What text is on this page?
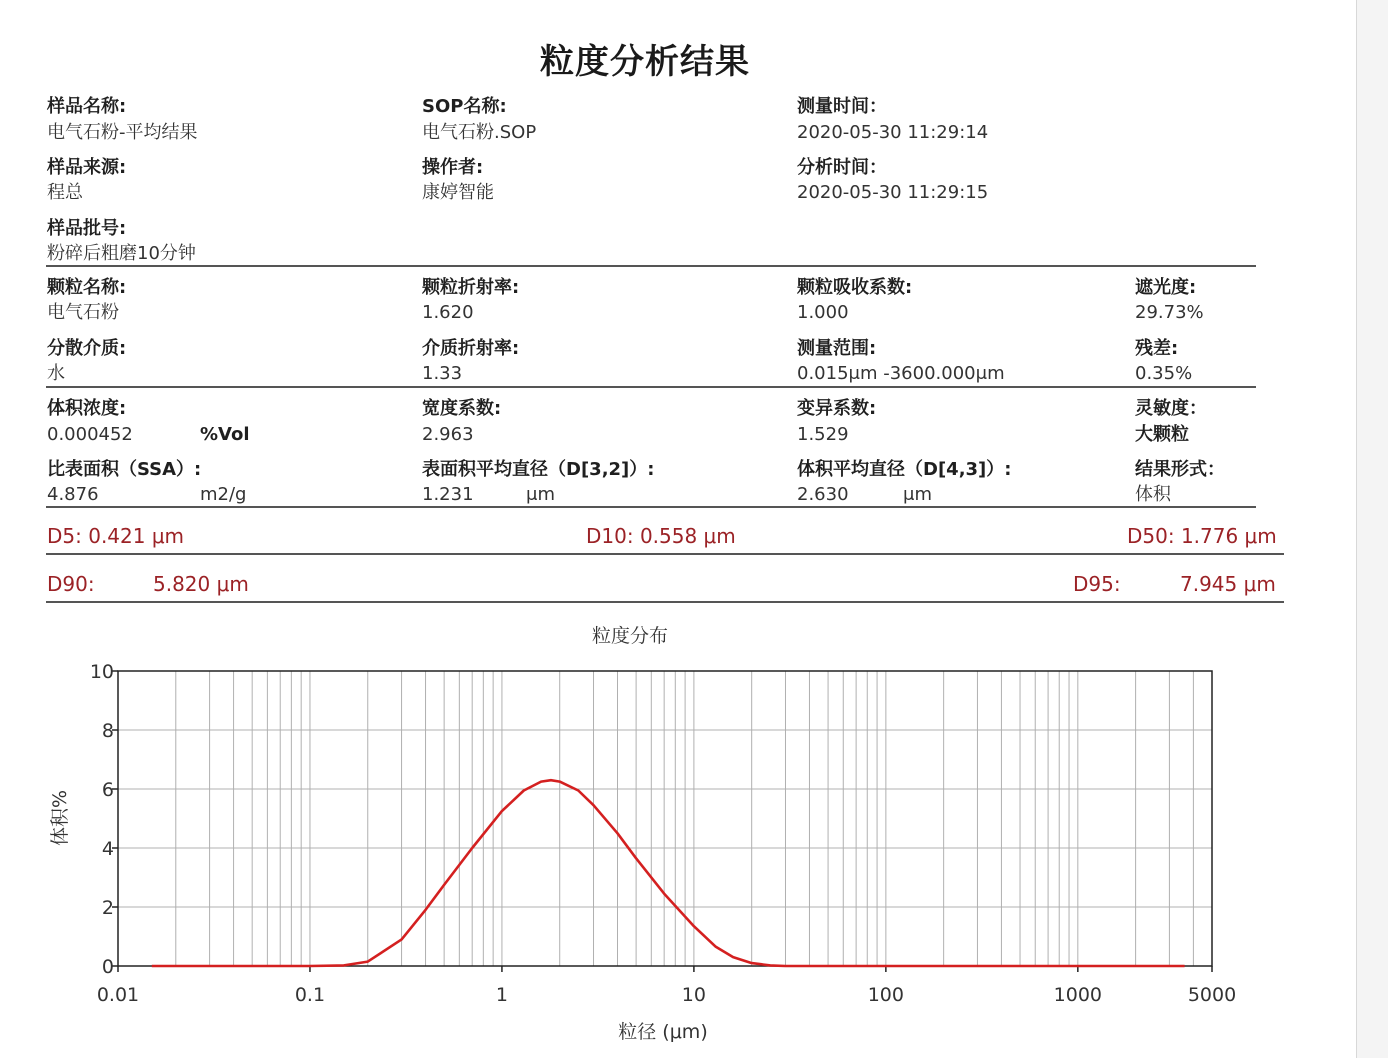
粒度分析结果
样品名称:
电气石粉-平均结果
样品来源:
程总
样品批号:
粉碎后粗磨10分钟
SOP名称:
电气石粉.SOP
操作者:
康婷智能
测量时间：
2020-05-30 11:29:14
分析时间：
2020-05-30 11:29:15
颗粒名称:
电气石粉
颗粒折射率:
1.620
颗粒吸收系数:
1.000
遮光度:
29.73%
分散介质:
水
介质折射率:
1.33
测量范围:
0.015μm -3600.000μm
残差:
0.35%
体积浓度:
0.000452	%Vol
宽度系数:
2.963
变异系数:
1.529
灵敏度：
大颗粒
比表面积（SSA）:
4.876	m2/g
表面积平均直径（D[3,2]）:
1.231	μm
体积平均直径（D[4,3]）:
2.630	μm
结果形式：
体积
D5: 0.421 μm	D10: 0.558 μm	D50: 1.776 μm
D90:	5.820 μm	D95:	7.945 μm
粒度分布
0
2
4
6
8
10
0.01	0.1	1	10	100	1000	5000
粒径 (μm)
体积%
